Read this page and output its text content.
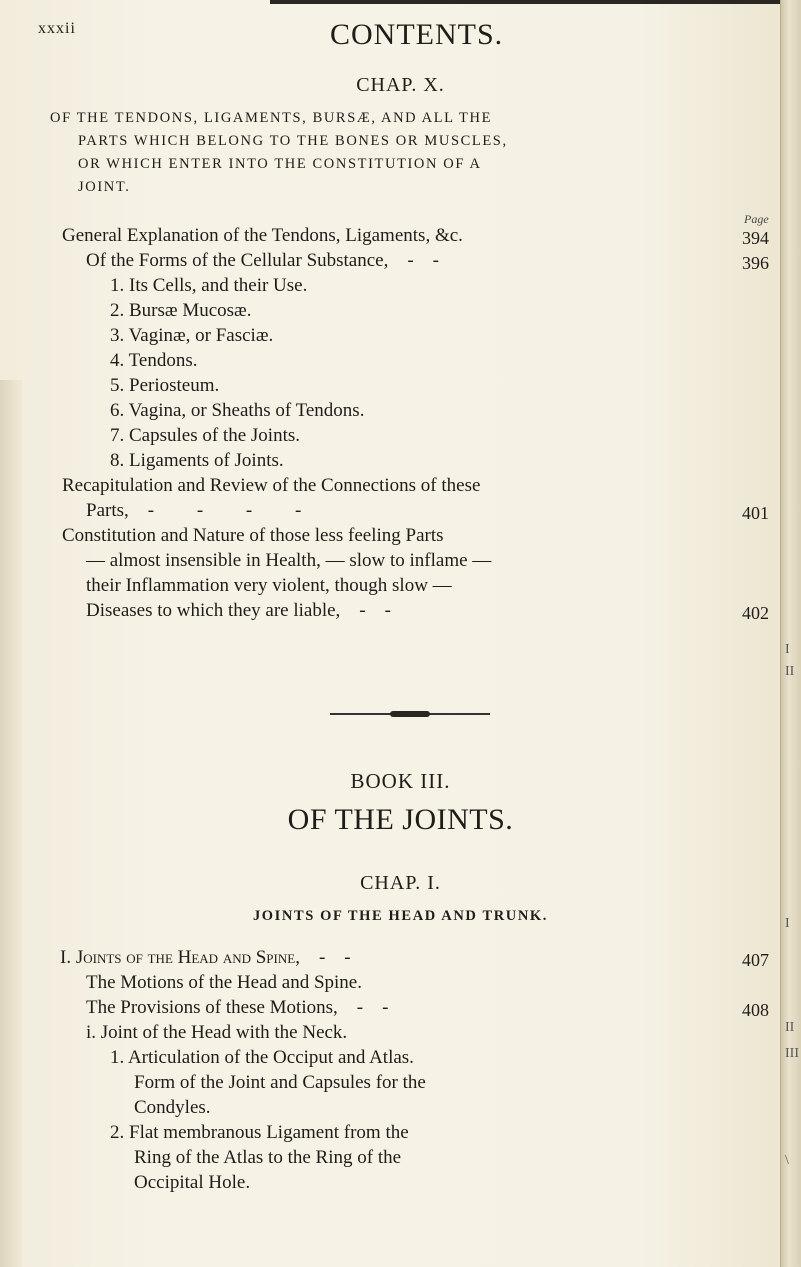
I
II
I
II
III
\
xxxii	CONTENTS.
CHAP. X.
OF THE TENDONS, LIGAMENTS, BURSÆ, AND ALL THE
PARTS WHICH BELONG TO THE BONES OR MUSCLES,
OR WHICH ENTER INTO THE CONSTITUTION OF A
JOINT.
Page
General Explanation of the Tendons, Ligaments, &c.	394
Of the Forms of the Cellular Substance,    -    -	396
1. Its Cells, and their Use.
2. Bursæ Mucosæ.
3. Vaginæ, or Fasciæ.
4. Tendons.
5. Periosteum.
6. Vagina, or Sheaths of Tendons.
7. Capsules of the Joints.
8. Ligaments of Joints.
Recapitulation and Review of the Connections of these
Parts,    -         -         -         -	401
Constitution and Nature of those less feeling Parts
— almost insensible in Health, — slow to inflame —
their Inflammation very violent, though slow —
Diseases to which they are liable,    -    -	402
BOOK III.
OF THE JOINTS.
CHAP. I.
JOINTS OF THE HEAD AND TRUNK.
I. Joints of the Head and Spine,    -    -	407
The Motions of the Head and Spine.
The Provisions of these Motions,    -    -	408
i. Joint of the Head with the Neck.
1. Articulation of the Occiput and Atlas.
Form of the Joint and Capsules for the
Condyles.
2. Flat membranous Ligament from the
Ring of the Atlas to the Ring of the
Occipital Hole.
